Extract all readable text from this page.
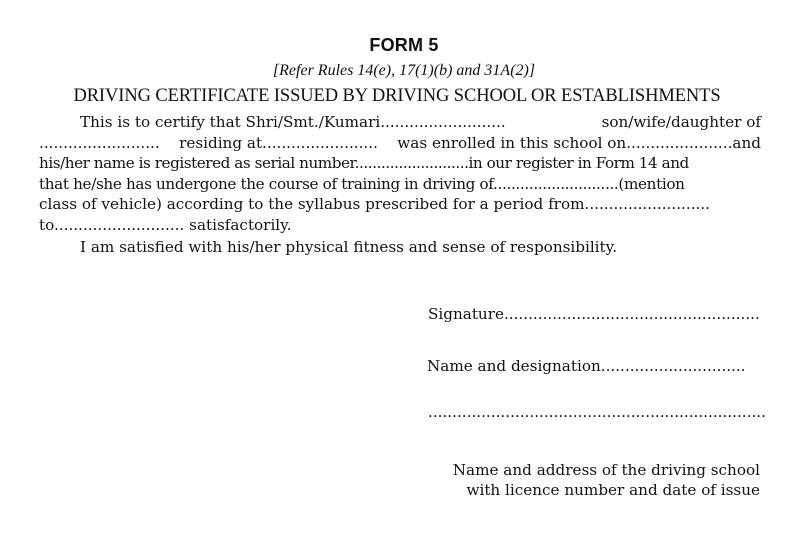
FORM 5
[Refer Rules 14(e), 17(1)(b) and 31A(2)]
DRIVING CERTIFICATE ISSUED BY DRIVING SCHOOL OR ESTABLISHMENTS
This is to certify that Shri/Smt./Kumari..........................	son/wife/daughter of
......................... residing at........................ was enrolled in this school on......................and
his/her name is registered as serial number..........................in our register in Form 14 and
that he/she has undergone the course of training in driving of............................(mention
class of vehicle) according to the syllabus prescribed for a period from..........................
to........................... satisfactorily.
I am satisfied with his/her physical fitness and sense of responsibility.
Signature.....................................................
Name and designation..............................
......................................................................
Name and address of the driving school
with licence number and date of issue
